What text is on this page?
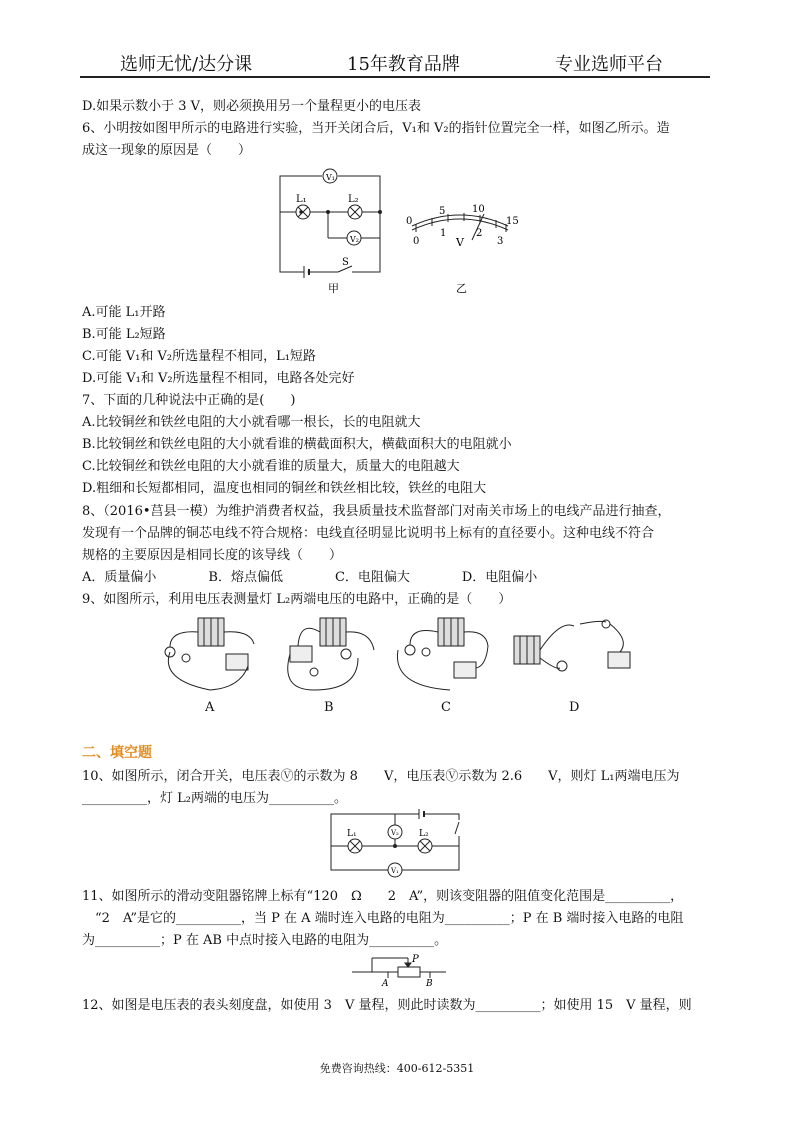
选师无忧/达分课	15年教育品牌	专业选师平台
D.如果示数小于 3 V，则必须换用另一个量程更小的电压表
6、小明按如图甲所示的电路进行实验，当开关闭合后，V₁和 V₂的指针位置完全一样，如图乙所示。造
成这一现象的原因是（　　）
V₁
V₂
L₁	L₂
S
甲
0
5	10
15
0
1	2
3
V
乙
A.可能 L₁开路
B.可能 L₂短路
C.可能 V₁和 V₂所选量程不相同，L₁短路
D.可能 V₁和 V₂所选量程不相同，电路各处完好
7、下面的几种说法中正确的是(　　)
A.比较铜丝和铁丝电阻的大小就看哪一根长，长的电阻就大
B.比较铜丝和铁丝电阻的大小就看谁的横截面积大，横截面积大的电阻就小
C.比较铜丝和铁丝电阻的大小就看谁的质量大，质量大的电阻越大
D.粗细和长短都相同，温度也相同的铜丝和铁丝相比较，铁丝的电阻大
8、（2016•莒县一模）为维护消费者权益，我县质量技术监督部门对南关市场上的电线产品进行抽查，
发现有一个品牌的铜芯电线不符合规格：电线直径明显比说明书上标有的直径要小。这种电线不符合
规格的主要原因是相同长度的该导线（　　）
A．质量偏小　　　　B．熔点偏低　　　　C．电阻偏大　　　　D．电阻偏小
9、如图所示，利用电压表测量灯 L₂两端电压的电路中，正确的是（　　）
A	B	C	D
二、填空题
10、如图所示，闭合开关，电压表Ⓥ的示数为 8　　V，电压表Ⓥ示数为 2.6　　V，则灯 L₁两端电压为
__________，灯 L₂两端的电压为__________。
L₁	L₂
V₂
V₁
11、如图所示的滑动变阻器铭牌上标有“120　Ω　　2　A”，则该变阻器的阻值变化范围是__________，
　“2　A”是它的__________，当 P 在 A 端时连入电路的电阻为__________；P 在 B 端时接入电路的电阻
为__________；P 在 AB 中点时接入电路的电阻为__________。
P
A	B
12、如图是电压表的表头刻度盘，如使用 3　V 量程，则此时读数为__________；如使用 15　V 量程，则
免费咨询热线：400-612-5351
